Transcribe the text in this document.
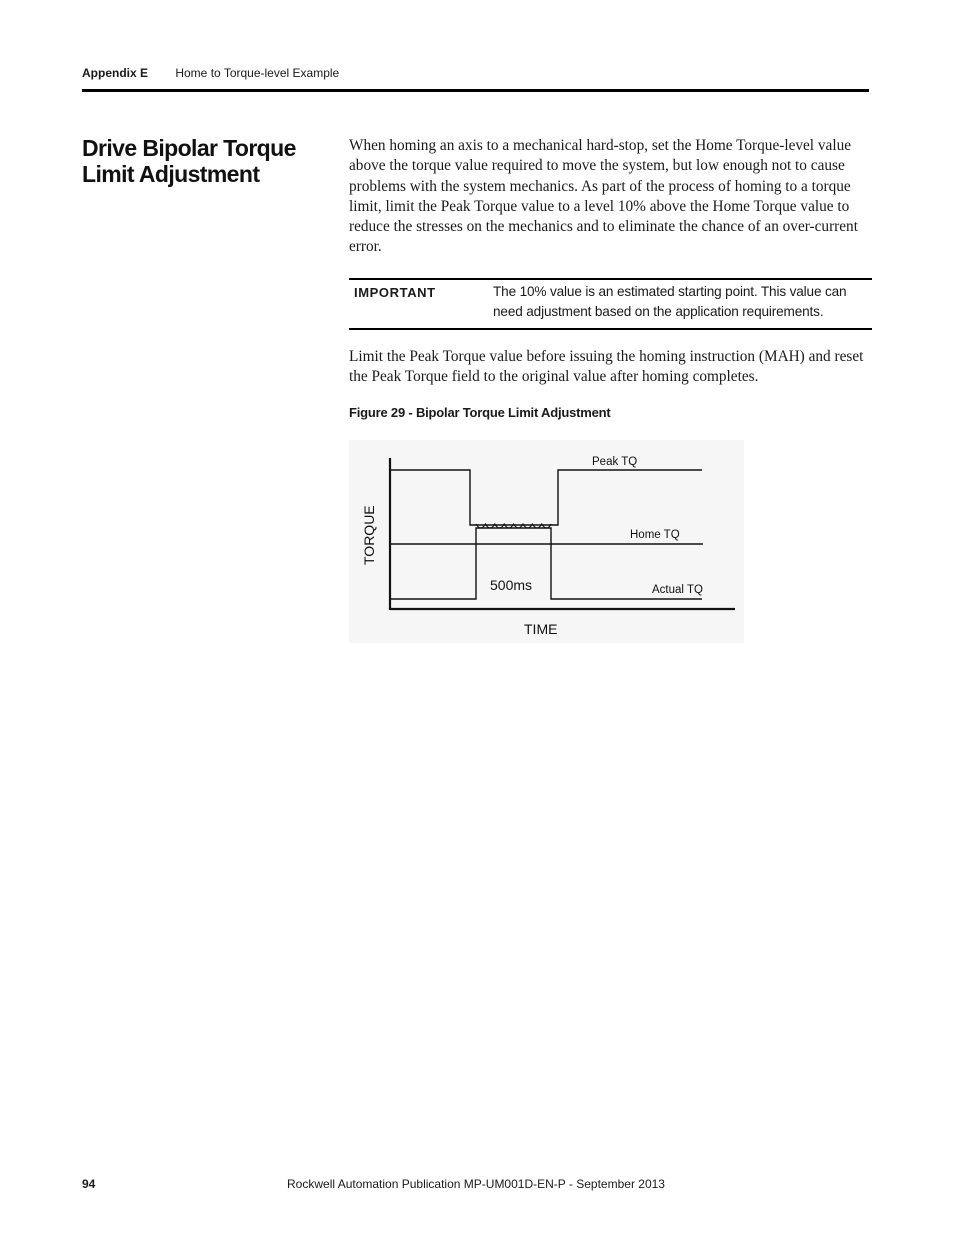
Appendix E Home to Torque-level Example
Drive Bipolar Torque Limit Adjustment
When homing an axis to a mechanical hard-stop, set the Home Torque-level value above the torque value required to move the system, but low enough not to cause problems with the system mechanics. As part of the process of homing to a torque limit, limit the Peak Torque value to a level 10% above the Home Torque value to reduce the stresses on the mechanics and to eliminate the chance of an over-current error.
IMPORTANT	The 10% value is an estimated starting point. This value can need adjustment based on the application requirements.
Limit the Peak Torque value before issuing the homing instruction (MAH) and reset the Peak Torque field to the original value after homing completes.
Figure 29 - Bipolar Torque Limit Adjustment
Peak TQ
Home TQ
Actual TQ
500ms
TORQUE
TIME
94	Rockwell Automation Publication MP-UM001D-EN-P - September 2013
